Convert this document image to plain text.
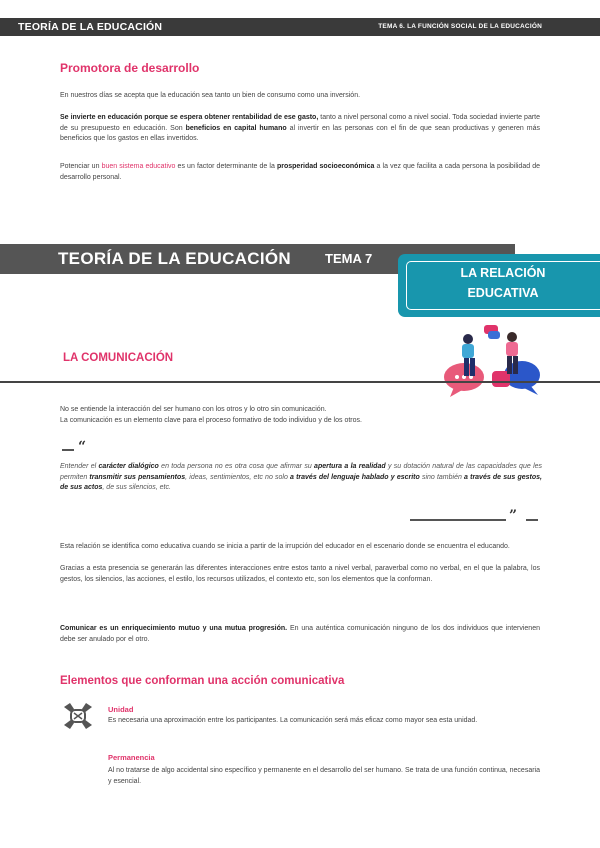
TEORÍA DE LA EDUCACIÓN	TEMA 6. LA FUNCIÓN SOCIAL DE LA EDUCACIÓN
Promotora de desarrollo
En nuestros días se acepta que la educación sea tanto un bien de consumo como una inversión.
Se invierte en educación porque se espera obtener rentabilidad de ese gasto, tanto a nivel personal como a nivel social. Toda sociedad invierte parte de su presupuesto en educación. Son beneficios en capital humano al invertir en las personas con el fin de que sean productivas y generen más beneficios que los gastos en ellas invertidos.
Potenciar un buen sistema educativo es un factor determinante de la prosperidad socioeconómica a la vez que facilita a cada persona la posibilidad de desarrollo personal.
TEORÍA DE LA EDUCACIÓN	TEMA 7
LA RELACIÓN
EDUCATIVA
LA COMUNICACIÓN
No se entiende la interacción del ser humano con los otros y lo otro sin comunicación.
La comunicación es un elemento clave para el proceso formativo de todo individuo y de los otros.
“
Entender el carácter dialógico en toda persona no es otra cosa que afirmar su apertura a la realidad y su dotación natural de las capacidades que les permiten transmitir sus pensamientos, ideas, sentimientos, etc no solo a través del lenguaje hablado y escrito sino también a través de sus gestos, de sus actos, de sus silencios, etc.
”
Esta relación se identifica como educativa cuando se inicia a partir de la irrupción del educador en el escenario donde se encuentra el educando.
Gracias a esta presencia se generarán las diferentes interacciones entre estos tanto a nivel verbal, paraverbal como no verbal, en el que la palabra, los gestos, los silencios, las acciones, el estilo, los recursos utilizados, el contexto etc, son los elementos que la conforman.
Comunicar es un enriquecimiento mutuo y una mutua progresión. En una auténtica comunicación ninguno de los dos individuos que intervienen debe ser anulado por el otro.
Elementos que conforman una acción comunicativa
Unidad
Es necesaria una aproximación entre los participantes. La comunicación será más eficaz como mayor sea esta unidad.
Permanencia
Al no tratarse de algo accidental sino específico y permanente en el desarrollo del ser humano. Se trata de una función continua, necesaria y esencial.
